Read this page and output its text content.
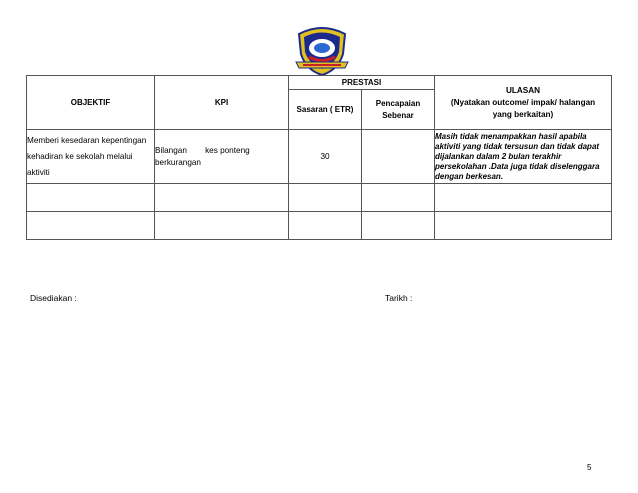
OBJEKTIF	KPI	PRESTASI		ULASAN
(Nyatakan outcome/ impak/ halangan yang berkaitan)

		Sasaran ( ETR)	Pencapaian Sebenar	
Memberi kesedaran kepentingan kehadiran ke sekolah melalui aktiviti	Bilangan        kes ponteng berkurangan	30		Masih tidak menampakkan hasil apabila aktiviti yang tidak tersusun dan tidak dapat dijalankan dalam 2 bulan terakhir persekolahan .Data juga tidak diselenggara dengan berkesan.

Disediakan :	Tarikh :
5
